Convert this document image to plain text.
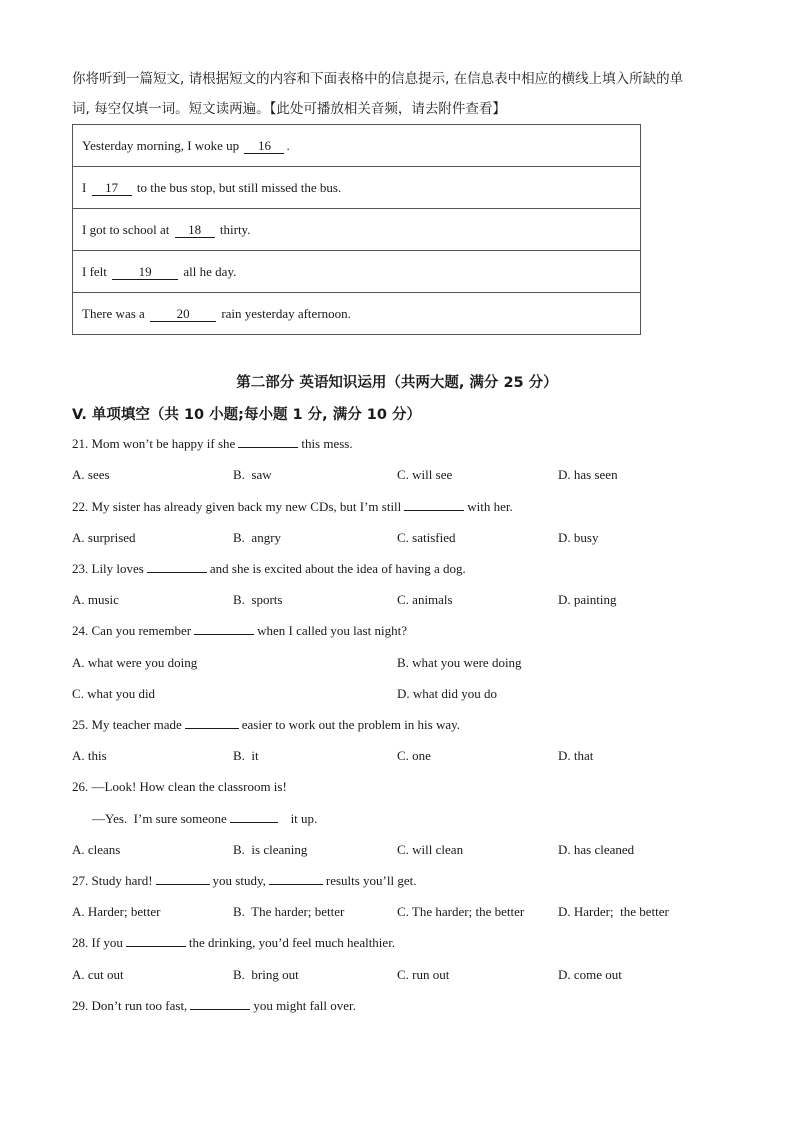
你将听到一篇短文, 请根据短文的内容和下面表格中的信息提示, 在信息表中相应的横线上填入所缺的单

词, 每空仅填一词。短文读两遍。【此处可播放相关音频，请去附件查看】

Yesterday morning, I woke up 16 .
I 17 to the bus stop, but still missed the bus.
I got to school at 18 thirty.
I felt 19 all he day.
There was a 20 rain yesterday afternoon.
第二部分 英语知识运用（共两大题, 满分 25 分）
V. 单项填空（共 10 小题;每小题 1 分, 满分 10 分）
21. Mom won’t be happy if she	this mess.
A. sees	B.  saw	C. will see	D. has seen
22. My sister has already given back my new CDs, but I’m still	with her.
A. surprised	B.  angry	C. satisfied	D. busy
23. Lily loves	and she is excited about the idea of having a dog.
A. music	B.  sports	C. animals	D. painting
24. Can you remember	when I called you last night?
A. what were you doing	B. what you were doing
C. what you did	D. what did you do
25. My teacher made	easier to work out the problem in his way.
A. this	B.  it	C. one	D. that
26. —Look! How clean the classroom is!
—Yes.  I’m sure someone	it up.
A. cleans	B.  is cleaning	C. will clean	D. has cleaned
27. Study hard!	you study,	results you’ll get.
A. Harder; better	B.  The harder; better	C. The harder; the better	D. Harder;  the better
28. If you	the drinking, you’d feel much healthier.
A. cut out	B.  bring out	C. run out	D. come out
29. Don’t run too fast,	you might fall over.
